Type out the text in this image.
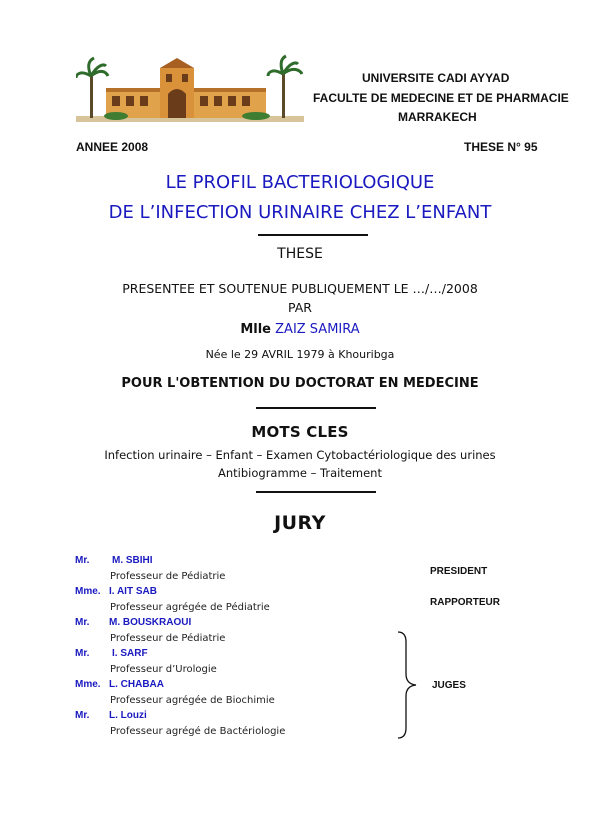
UNIVERSITE CADI AYYAD
FACULTE DE MEDECINE ET DE PHARMACIE
MARRAKECH
ANNEE 2008	THESE N° 95
LE PROFIL BACTERIOLOGIQUE
DE L’INFECTION URINAIRE CHEZ L’ENFANT
THESE
PRESENTEE ET SOUTENUE PUBLIQUEMENT LE …/…/2008
PAR
Mlle ZAIZ SAMIRA
Née le 29 AVRIL 1979 à Khouribga
POUR L'OBTENTION DU DOCTORAT EN MEDECINE
MOTS CLES
Infection urinaire – Enfant – Examen Cytobactériologique des urines
Antibiogramme – Traitement
JURY
Mr. M. SBIHI
Professeur de Pédiatrie
Mme. I. AIT SAB
Professeur agrégée de Pédiatrie
Mr. M. BOUSKRAOUI
Professeur de Pédiatrie
Mr. I. SARF
Professeur d’Urologie
Mme. L. CHABAA
Professeur agrégée de Biochimie
Mr. L. Louzi
Professeur agrégé de Bactériologie
PRESIDENT
RAPPORTEUR
JUGES
